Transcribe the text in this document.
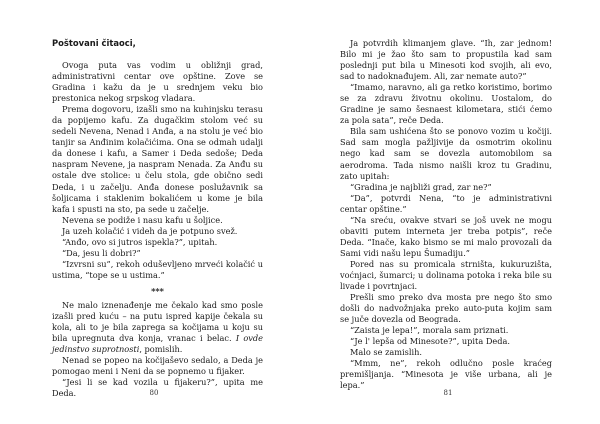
Poštovani čitaoci,

Ovoga puta vas vodim u obližnji grad, administrativni centar ove opštine. Zove se Gradina i kažu da je u srednjem veku bio prestonica nekog srpskog vladara.

Prema dogovoru, izašli smo na kuhinjsku terasu da popijemo kafu. Za dugačkim stolom već su sedeli Nevena, Nenad i Anđa, a na stolu je već bio tanjir sa Anđinim kolačićima. Ona se odmah udalji da donese i kafu, a Samer i Deda sedoše; Deda naspram Nevene, ja naspram Nenada. Za Anđu su ostale dve stolice: u čelu stola, gde obično sedi Deda, i u začelju. Anđa donese poslužavnik sa šoljicama i staklenim bokalićem u kome je bila kafa i spusti na sto, pa sede u začelje.

Nevena se podiže i nasu kafu u šoljice.

Ja uzeh kolačić i videh da je potpuno svež.

“Anđo, ovo si jutros ispekla?”, upitah.

“Da, jesu li dobri?”

“Izvrsni su”, rekoh oduševljeno mrveći kolačić u ustima, “tope se u ustima.”

***

Ne malo iznenađenje me čekalo kad smo posle izašli pred kuću – na putu ispred kapije čekala su kola, ali to je bila zaprega sa kočijama u koju su bila upregnuta dva konja, vranac i belac. I ovde jedinstvo suprotnosti, pomislih.

Nenad se popeo na kočijaševo sedalo, a Deda je pomogao meni i Neni da se popnemo u fijaker.

“Jesi li se kad vozila u fijakeru?”, upita me Deda.	80

Ja potvrdih klimanjem glave. “Ih, zar jednom! Bilo mi je žao što sam to propustila kad sam poslednji put bila u Minesoti kod svojih, ali evo, sad to nadoknađujem. Ali, zar nemate auto?”

“Imamo, naravno, ali ga retko koristimo, borimo se za zdravu životnu okolinu. Uostalom, do Gradine je samo šesnaest kilometara, stići ćemo za pola sata”, reče Deda.

Bila sam ushićena što se ponovo vozim u kočiji. Sad sam mogla pažljivije da osmotrim okolinu nego kad sam se dovezla automobilom sa aerodroma. Tada nismo naišli kroz tu Gradinu, zato upitah:

“Gradina je najbliži grad, zar ne?”

“Da”, potvrdi Nena, “to je administrativni centar opštine.”

“Na sreću, ovakve stvari se još uvek ne mogu obaviti putem interneta jer treba potpis”, reče Deda. “Inače, kako bismo se mi malo provozali da Sami vidi našu lepu Šumadiju.”

Pored nas su promicala strništa, kukuruzišta, voćnjaci, šumarci; u dolinama potoka i reka bile su livade i povrtnjaci.

Prešli smo preko dva mosta pre nego što smo došli do nadvožnjaka preko auto-puta kojim sam se juče dovezla od Beograda.

“Zaista je lepa!”, morala sam priznati.

“Je l' lepša od Minesote?”, upita Deda.

Malo se zamislih.

“Mmm, ne”, rekoh odlučno posle kraćeg premišljanja. “Minesota je više urbana, ali je lepa.”

81
